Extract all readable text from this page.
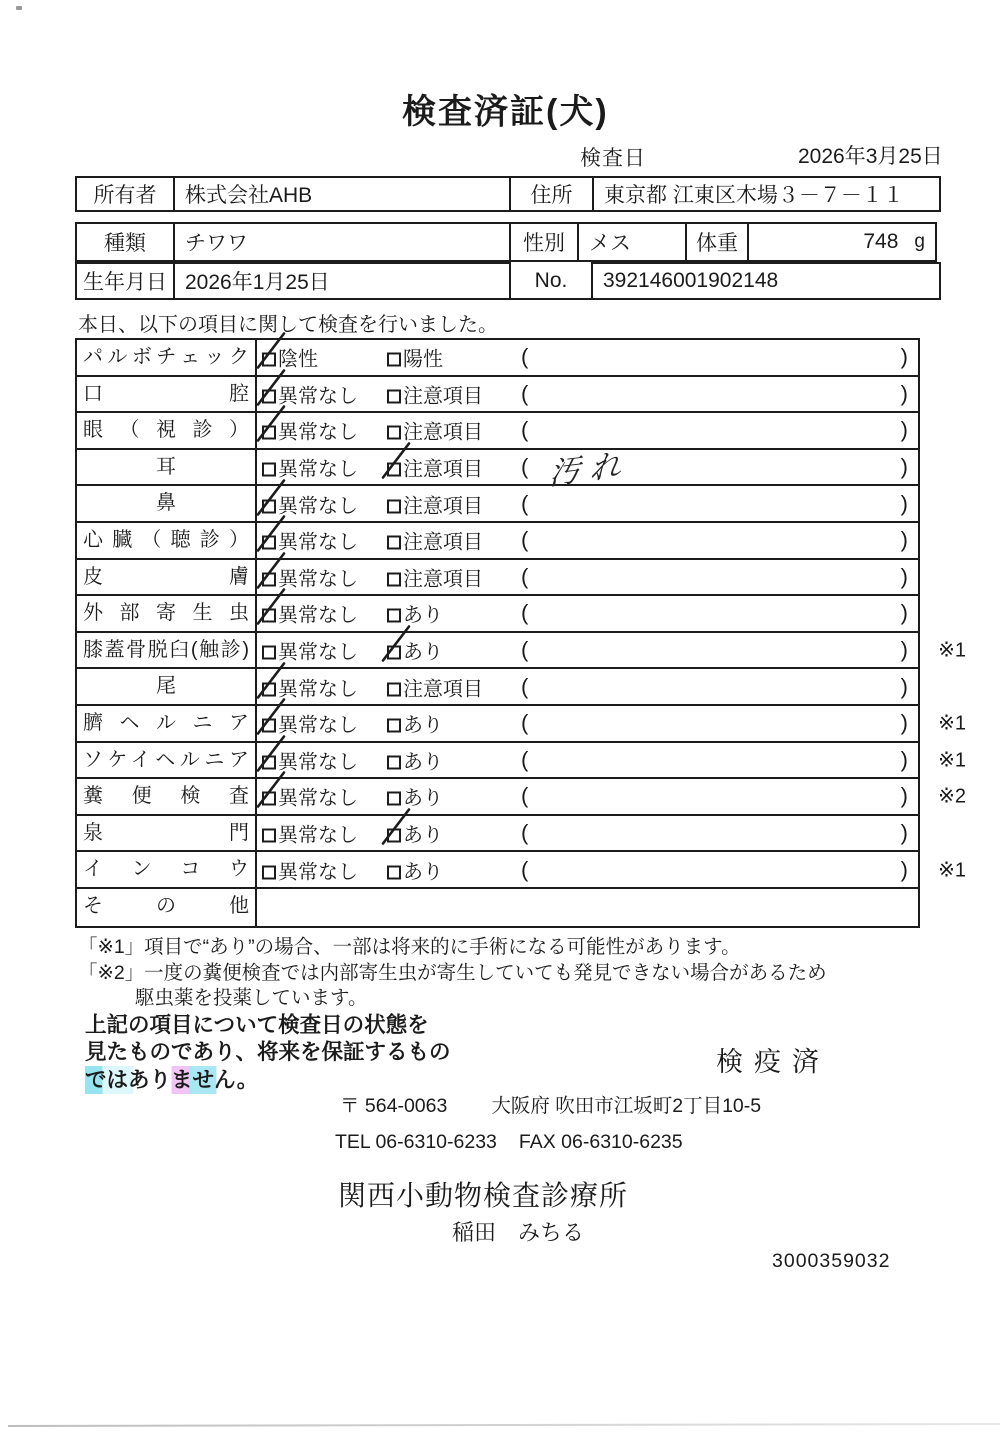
検査済証(犬)
検査日	2026年3月25日
所有者	株式会社AHB	住所	東京都 江東区木場３－７－１１
種類	チワワ	性別	メス	体重	748 g
生年月日 2026年1月25日	No.	392146001902148
本日、以下の項目に関して検査を行いました。
パルボチェック	陰性	陽性	(	)
口腔	異常なし	注意項目 (	)
眼（視診）	異常なし	注意項目 (	)
耳	異常なし	注意項目 ( 汚れ	)
鼻	異常なし	注意項目 (	)
心臓（聴診）	異常なし	注意項目 (	)
皮膚	異常なし	注意項目 (	)
外部寄生虫	異常なし	あり	(	)
膝蓋骨脱臼(触診)	異常なし	あり	(	) ※1
尾	異常なし	注意項目 (	)
臍ヘルニア	異常なし	あり	(	) ※1
ソケイヘルニア	異常なし	あり	(	) ※1
糞便検査	異常なし	あり	(	) ※2
泉門	異常なし	あり	(	)
インコウ	異常なし	あり	(	) ※1
その他
「※1」項目で“あり”の場合、一部は将来的に手術になる可能性があります。
「※2」一度の糞便検査では内部寄生虫が寄生していても発見できない場合があるため
駆虫薬を投薬しています。
上記の項目について検査日の状態を
見たものであり、将来を保証するもの
ではありません。
検疫済
〒 564-0063 大阪府 吹田市江坂町2丁目10-5
TEL 06-6310-6233 FAX 06-6310-6235
関西小動物検査診療所
稲田　みちる
3000359032
